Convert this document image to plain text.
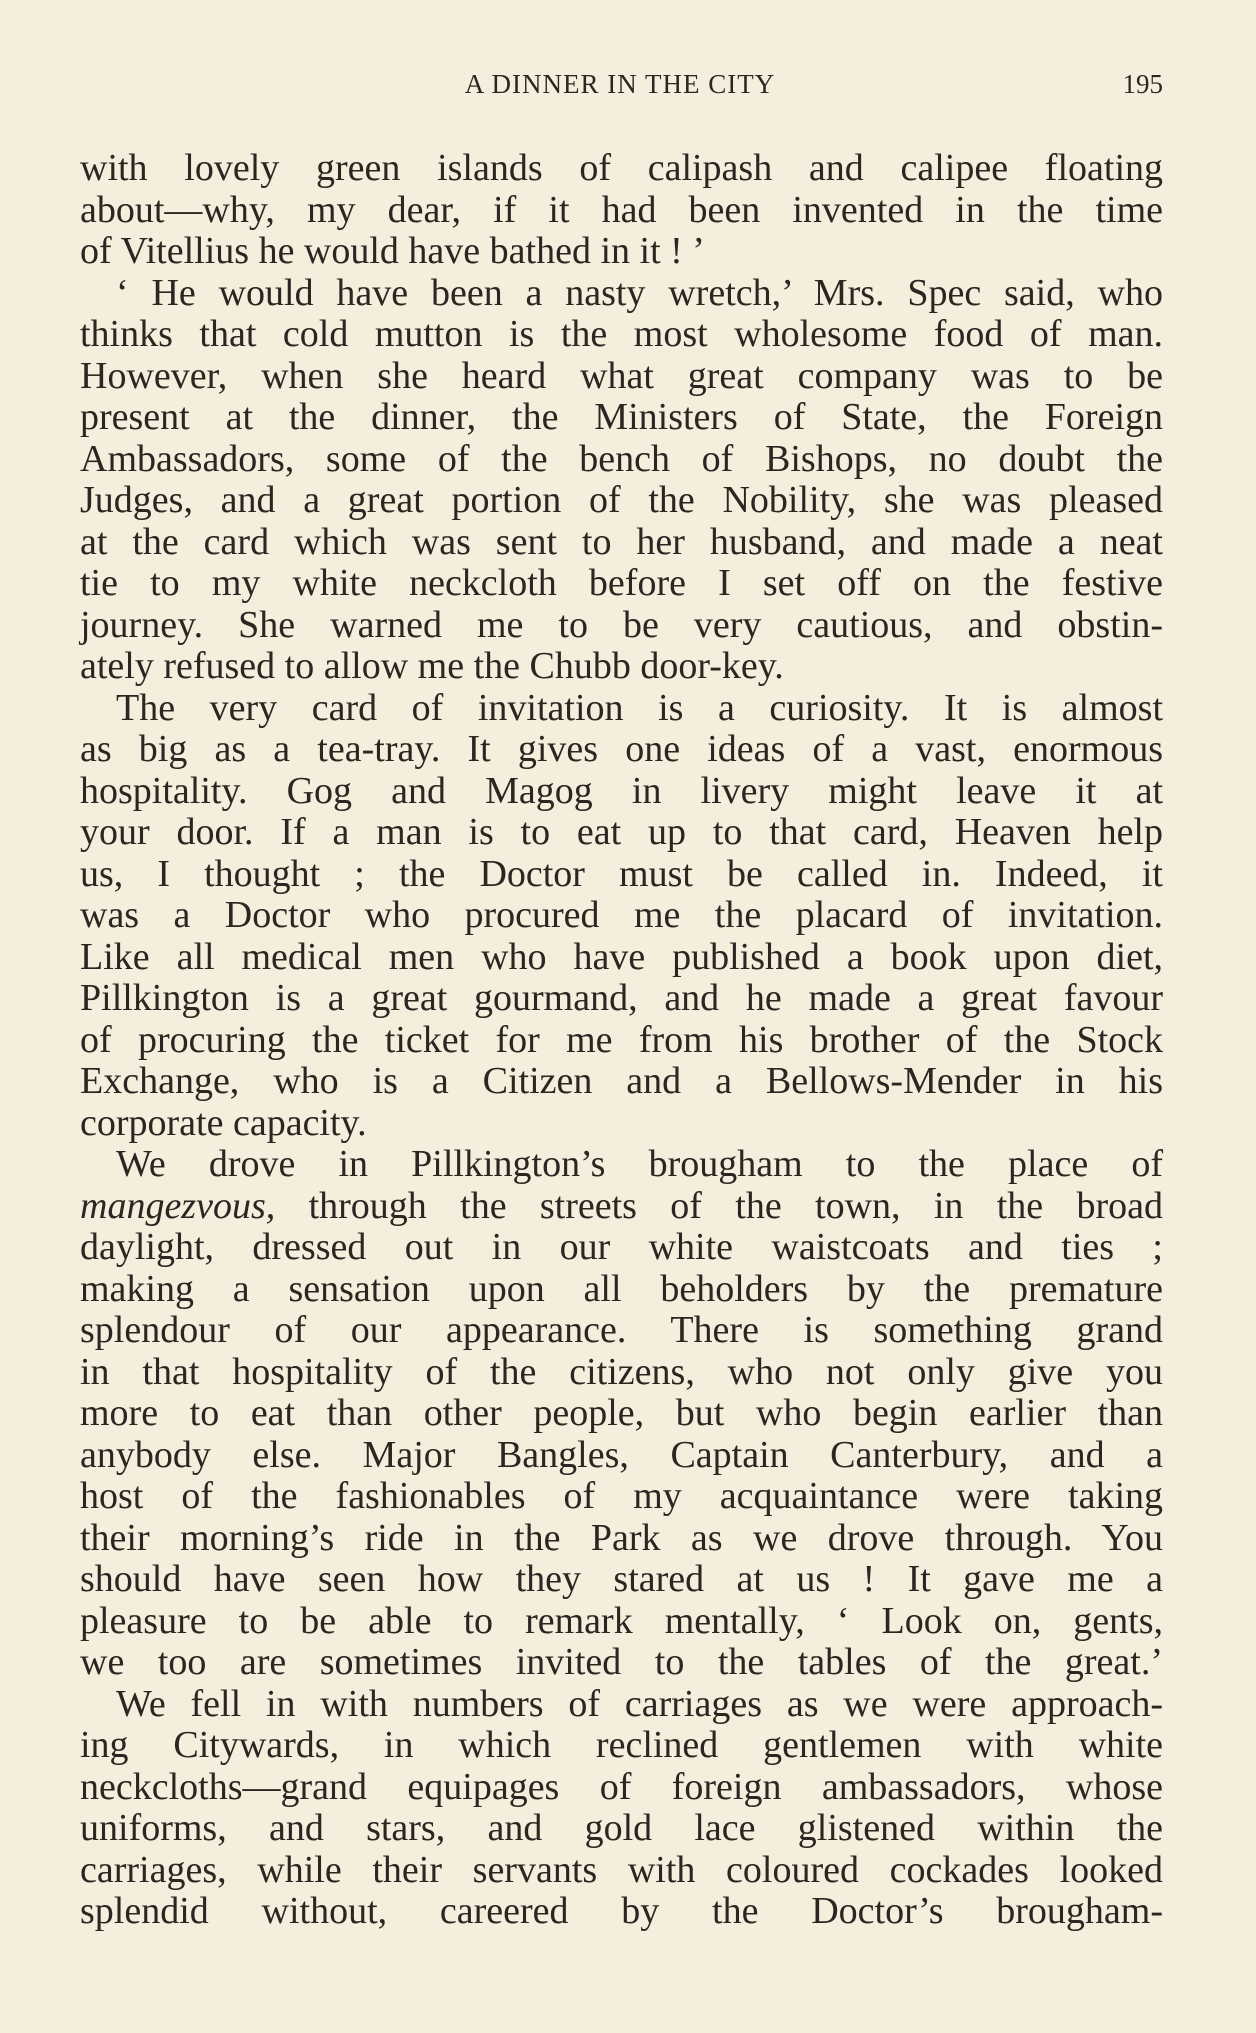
A DINNER IN THE CITY	195
with lovely green islands of calipash and calipee floating
about—why, my dear, if it had been invented in the time
of Vitellius he would have bathed in it ! ’
‘ He would have been a nasty wretch,’ Mrs. Spec said, who
thinks that cold mutton is the most wholesome food of man.
However, when she heard what great company was to be
present at the dinner, the Ministers of State, the Foreign
Ambassadors, some of the bench of Bishops, no doubt the
Judges, and a great portion of the Nobility, she was pleased
at the card which was sent to her husband, and made a neat
tie to my white neckcloth before I set off on the festive
journey. She warned me to be very cautious, and obstin-
ately refused to allow me the Chubb door-key.
The very card of invitation is a curiosity. It is almost
as big as a tea-tray. It gives one ideas of a vast, enormous
hospitality. Gog and Magog in livery might leave it at
your door. If a man is to eat up to that card, Heaven help
us, I thought ; the Doctor must be called in. Indeed, it
was a Doctor who procured me the placard of invitation.
Like all medical men who have published a book upon diet,
Pillkington is a great gourmand, and he made a great favour
of procuring the ticket for me from his brother of the Stock
Exchange, who is a Citizen and a Bellows-Mender in his
corporate capacity.
We drove in Pillkington’s brougham to the place of
mangezvous, through the streets of the town, in the broad
daylight, dressed out in our white waistcoats and ties ;
making a sensation upon all beholders by the premature
splendour of our appearance. There is something grand
in that hospitality of the citizens, who not only give you
more to eat than other people, but who begin earlier than
anybody else. Major Bangles, Captain Canterbury, and a
host of the fashionables of my acquaintance were taking
their morning’s ride in the Park as we drove through. You
should have seen how they stared at us ! It gave me a
pleasure to be able to remark mentally, ‘ Look on, gents,
we too are sometimes invited to the tables of the great.’
We fell in with numbers of carriages as we were approach-
ing Citywards, in which reclined gentlemen with white
neckcloths—grand equipages of foreign ambassadors, whose
uniforms, and stars, and gold lace glistened within the
carriages, while their servants with coloured cockades looked
splendid without, careered by the Doctor’s brougham-
